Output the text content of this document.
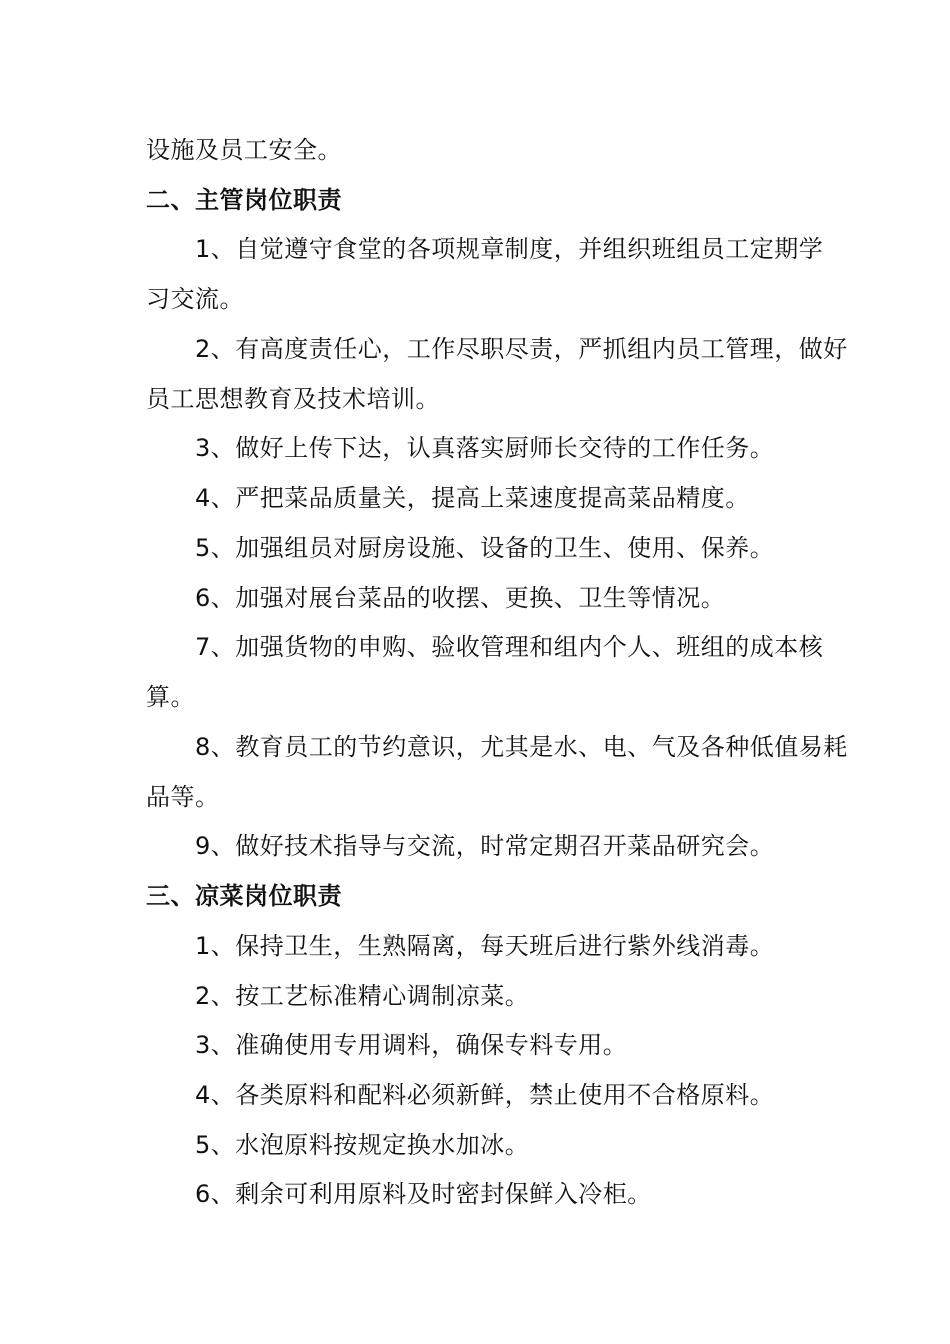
设施及员工安全。
二、主管岗位职责
1、自觉遵守食堂的各项规章制度，并组织班组员工定期学
习交流。
2、有高度责任心，工作尽职尽责，严抓组内员工管理，做好
员工思想教育及技术培训。
3、做好上传下达，认真落实厨师长交待的工作任务。
4、严把菜品质量关，提高上菜速度提高菜品精度。
5、加强组员对厨房设施、设备的卫生、使用、保养。
6、加强对展台菜品的收摆、更换、卫生等情况。
7、加强货物的申购、验收管理和组内个人、班组的成本核
算。
8、教育员工的节约意识，尤其是水、电、气及各种低值易耗
品等。
9、做好技术指导与交流，时常定期召开菜品研究会。
三、凉菜岗位职责
1、保持卫生，生熟隔离，每天班后进行紫外线消毒。
2、按工艺标准精心调制凉菜。
3、准确使用专用调料，确保专料专用。
4、各类原料和配料必须新鲜，禁止使用不合格原料。
5、水泡原料按规定换水加冰。
6、剩余可利用原料及时密封保鲜入冷柜。
